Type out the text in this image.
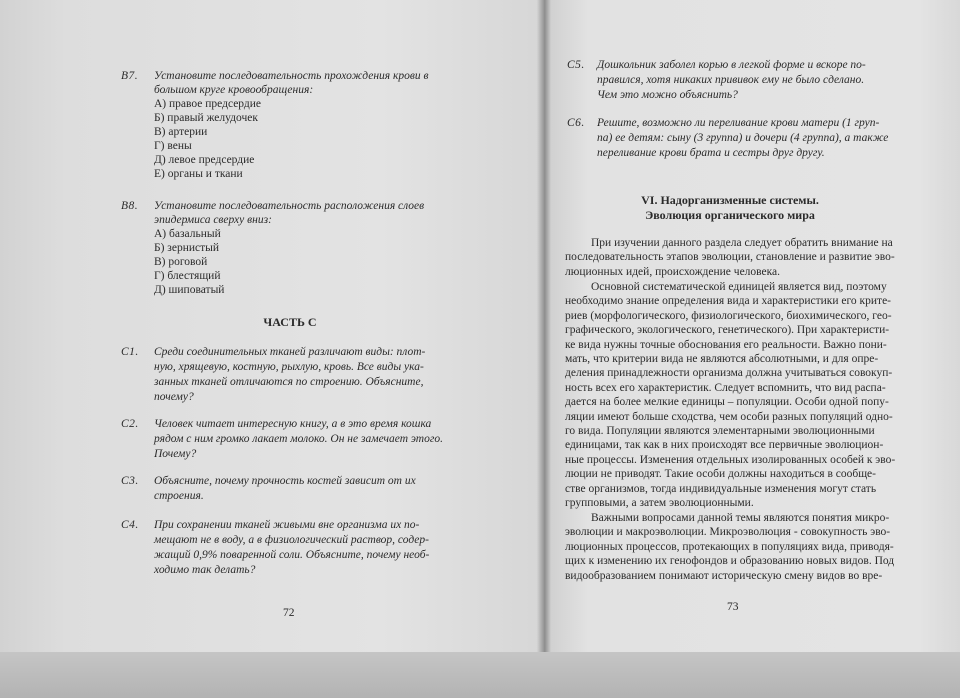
В7. Установите последовательность прохождения крови в
большом круге кровообращения:
А) правое предсердие
Б) правый желудочек
В) артерии
Г) вены
Д) левое предсердие
Е) органы и ткани
В8. Установите последовательность расположения слоев
эпидермиса сверху вниз:
А) базальный
Б) зернистый
В) роговой
Г) блестящий
Д) шиповатый
ЧАСТЬ С
С1. Среди соединительных тканей различают виды: плот-
ную, хрящевую, костную, рыхлую, кровь. Все виды ука-
занных тканей отличаются по строению. Объясните,
почему?
С2. Человек читает интересную книгу, а в это время кошка
рядом с ним громко лакает молоко. Он не замечает этого.
Почему?
С3. Объясните, почему прочность костей зависит от их
строения.
С4. При сохранении тканей живыми вне организма их по-
мещают не в воду, а в физиологический раствор, содер-
жащий 0,9% поваренной соли. Объясните, почему необ-
ходимо так делать?
72
С5. Дошкольник заболел корью в легкой форме и вскоре по-
правился, хотя никаких прививок ему не было сделано.
Чем это можно объяснить?
С6. Решите, возможно ли переливание крови матери (1 груп-
па) ее детям: сыну (3 группа) и дочери (4 группа), а также
переливание крови брата и сестры друг другу.
VI. Надорганизменные системы.
Эволюция органического мира
При изучении данного раздела следует обратить внимание на
последовательность этапов эволюции, становление и развитие эво-
люционных идей, происхождение человека.
Основной систематической единицей является вид, поэтому
необходимо знание определения вида и характеристики его крите-
риев (морфологического, физиологического, биохимического, гео-
графического, экологического, генетического). При характеристи-
ке вида нужны точные обоснования его реальности. Важно пони-
мать, что критерии вида не являются абсолютными, и для опре-
деления принадлежности организма должна учитываться совокуп-
ность всех его характеристик. Следует вспомнить, что вид распа-
дается на более мелкие единицы – популяции. Особи одной попу-
ляции имеют больше сходства, чем особи разных популяций одно-
го вида. Популяции являются элементарными эволюционными
единицами, так как в них происходят все первичные эволюцион-
ные процессы. Изменения отдельных изолированных особей к эво-
люции не приводят. Такие особи должны находиться в сообще-
стве организмов, тогда индивидуальные изменения могут стать
групповыми, а затем эволюционными.
Важными вопросами данной темы являются понятия микро-
эволюции и макроэволюции. Микроэволюция - совокупность эво-
люционных процессов, протекающих в популяциях вида, приводя-
щих к изменению их генофондов и образованию новых видов. Под
видообразованием понимают историческую смену видов во вре-
73
